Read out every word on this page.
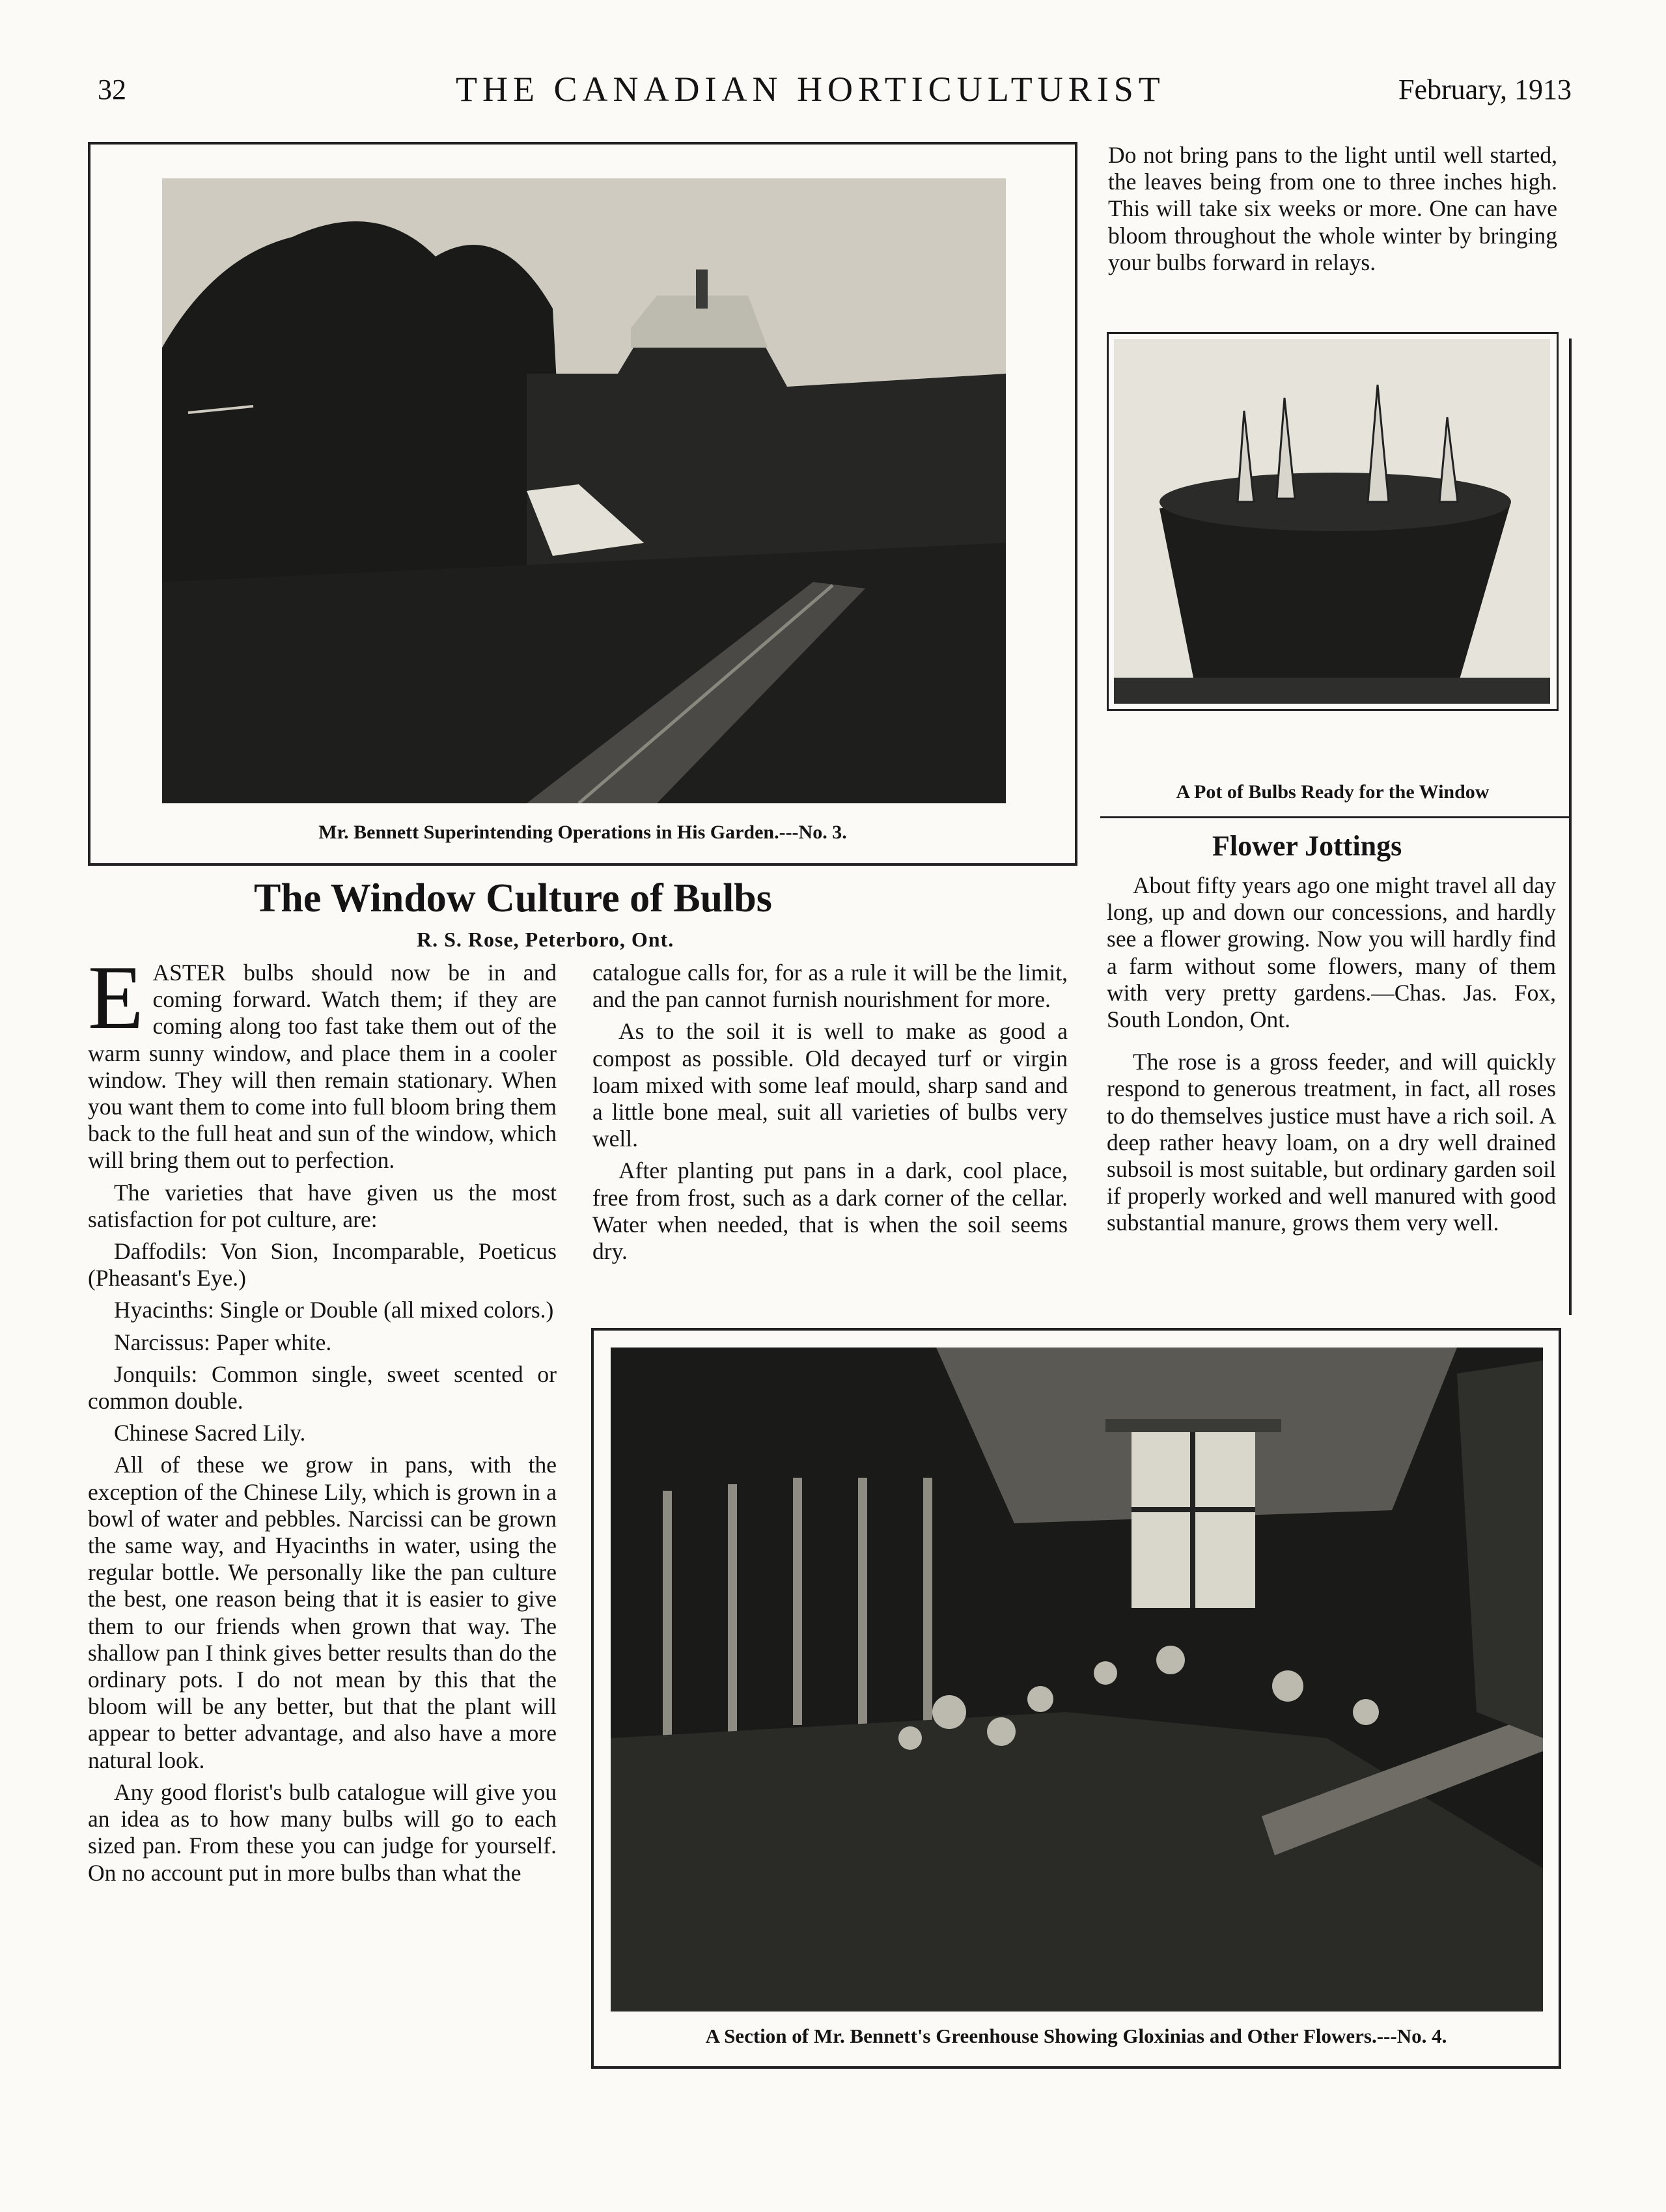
32	THE CANADIAN HORTICULTURIST	February, 1913
Mr. Bennett Superintending Operations in His Garden.---No. 3.

Do not bring pans to the light until well started, the leaves being from one to three inches high. This will take six weeks or more. One can have bloom throughout the whole winter by bringing your bulbs forward in relays.

A Pot of Bulbs Ready for the Window
The Window Culture of Bulbs
R. S. Rose, Peterboro, Ont.

EASTER bulbs should now be in and coming forward. Watch them; if they are coming along too fast take them out of the warm sunny window, and place them in a cooler window. They will then remain stationary. When you want them to come into full bloom bring them back to the full heat and sun of the window, which will bring them out to perfection.

The varieties that have given us the most satisfaction for pot culture, are:

Daffodils: Von Sion, Incomparable, Poeticus (Pheasant's Eye.)

Hyacinths: Single or Double (all mixed colors.)

Narcissus: Paper white.

Jonquils: Common single, sweet scented or common double.

Chinese Sacred Lily.

All of these we grow in pans, with the exception of the Chinese Lily, which is grown in a bowl of water and pebbles. Narcissi can be grown the same way, and Hyacinths in water, using the regular bottle. We personally like the pan culture the best, one reason being that it is easier to give them to our friends when grown that way. The shallow pan I think gives better results than do the ordinary pots. I do not mean by this that the bloom will be any better, but that the plant will appear to better advantage, and also have a more natural look.

Any good florist's bulb catalogue will give you an idea as to how many bulbs will go to each sized pan. From these you can judge for yourself. On no account put in more bulbs than what the

catalogue calls for, for as a rule it will be the limit, and the pan cannot furnish nourishment for more.

As to the soil it is well to make as good a compost as possible. Old decayed turf or virgin loam mixed with some leaf mould, sharp sand and a little bone meal, suit all varieties of bulbs very well.

After planting put pans in a dark, cool place, free from frost, such as a dark corner of the cellar. Water when needed, that is when the soil seems dry.

Flower Jottings

About fifty years ago one might travel all day long, up and down our concessions, and hardly see a flower growing. Now you will hardly find a farm without some flowers, many of them with very pretty gardens.—Chas. Jas. Fox, South London, Ont.

The rose is a gross feeder, and will quickly respond to generous treatment, in fact, all roses to do themselves justice must have a rich soil. A deep rather heavy loam, on a dry well drained subsoil is most suitable, but ordinary garden soil if properly worked and well manured with good substantial manure, grows them very well.

A Section of Mr. Bennett's Greenhouse Showing Gloxinias and Other Flowers.---No. 4.
